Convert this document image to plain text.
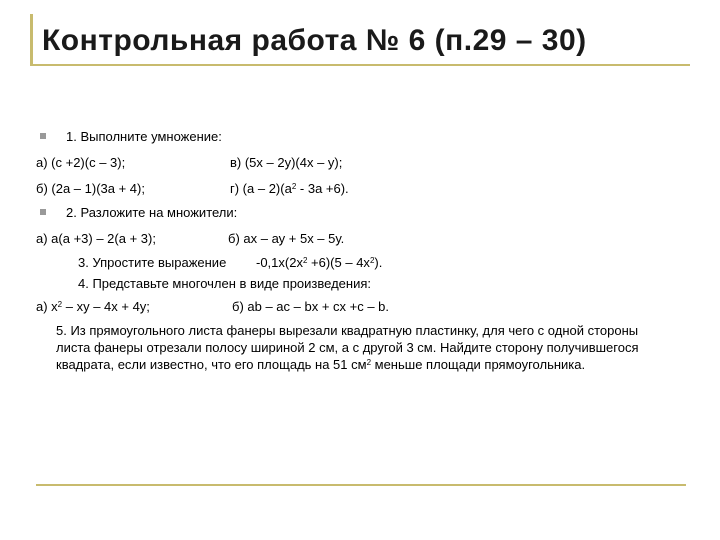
Контрольная работа № 6 (п.29 – 30)
1. Выполните умножение:
а) (с +2)(с – 3);	в) (5х – 2у)(4х – у);
б) (2а – 1)(3а + 4);	г) $(а - 2)(а^2 - 3а +6)$.
2. Разложите на множители:
а) а(а +3) – 2(а + 3);	б) ах – ау + 5х – 5у.
3. Упростите выражение $-0,1х(2х^2 +6)(5 - 4х^2)$.
4. Представьте многочлен в виде произведения:
а) $х^2$ – ху – 4х + 4у;	б) ab – ac – bx + cx +c – b.
5. Из прямоугольного листа фанеры вырезали квадратную пластинку, для чего с одной стороны листа фанеры отрезали полосу шириной 2 см, а с другой 3 см. Найдите сторону получившегося квадрата, если известно, что его площадь на 51 $см^2$ меньше площади прямоугольника.
